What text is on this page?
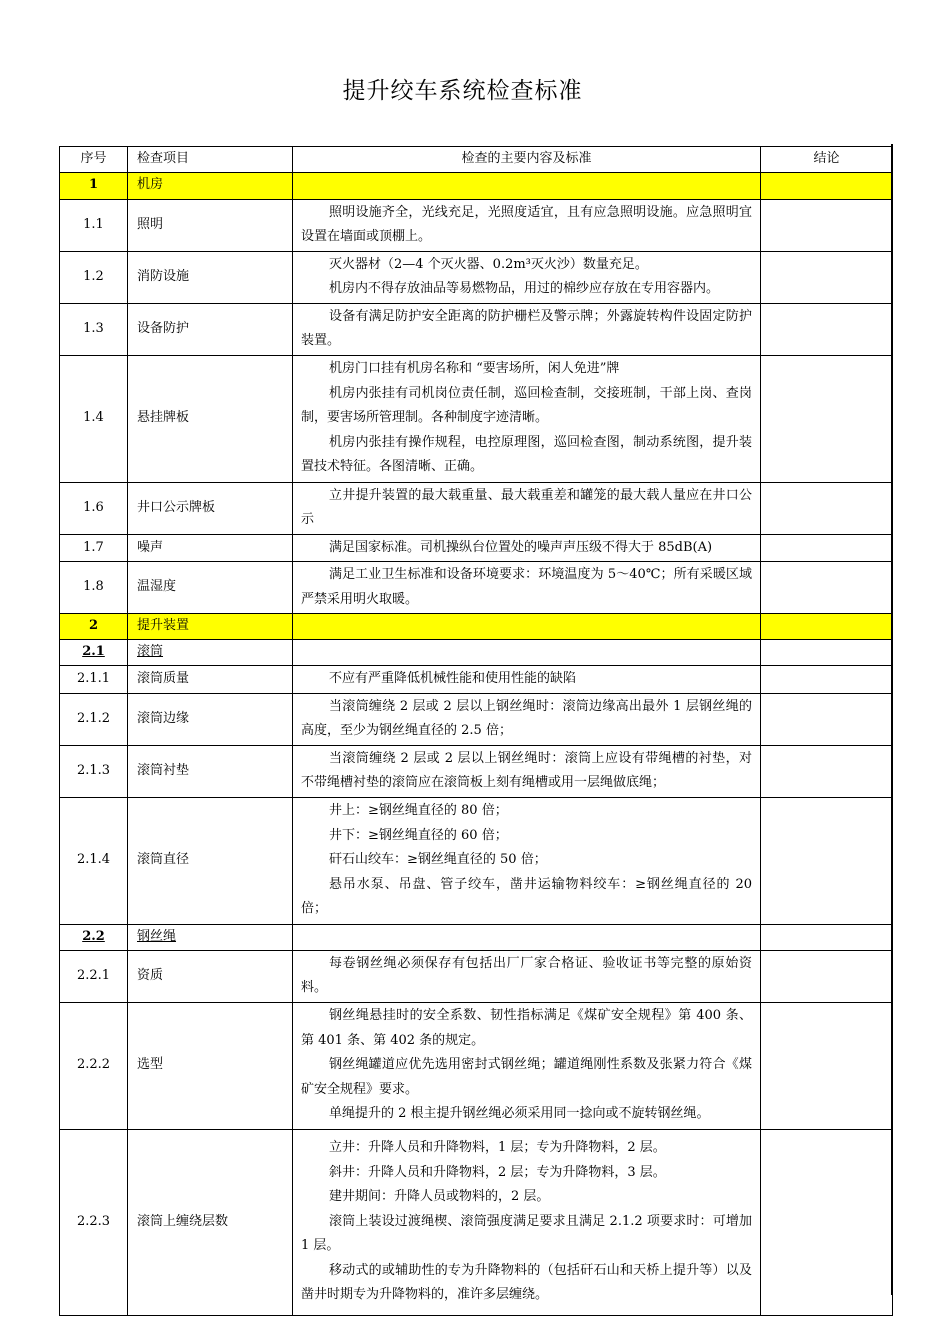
提升绞车系统检查标准
序号	检查项目	检查的主要内容及标准	结论
1	机房		
1.1	照明	照明设施齐全，光线充足，光照度适宜，且有应急照明设施。应急照明宜设置在墙面或顶棚上。	

1.2	消防设施	灭火器材（2—4 个灭火器、0.2m³灭火沙）数量充足。

机房内不得存放油品等易燃物品，用过的棉纱应存放在专用容器内。	

1.3	设备防护	设备有满足防护安全距离的防护栅栏及警示牌；外露旋转构件设固定防护装置。	

1.4	悬挂牌板	机房门口挂有机房名称和 “要害场所，闲人免进”牌

机房内张挂有司机岗位责任制，巡回检查制，交接班制，干部上岗、查岗制，要害场所管理制。各种制度字迹清晰。

机房内张挂有操作规程，电控原理图，巡回检查图，制动系统图，提升装置技术特征。各图清晰、正确。	

1.6	井口公示牌板	立井提升装置的最大载重量、最大载重差和罐笼的最大载人量应在井口公示	

1.7	噪声	满足国家标准。司机操纵台位置处的噪声声压级不得大于 85dB(A)	

1.8	温湿度	满足工业卫生标准和设备环境要求：环境温度为 5～40℃；所有采暖区域严禁采用明火取暖。	

2	提升装置		
2.1	滚筒		
2.1.1	滚筒质量	不应有严重降低机械性能和使用性能的缺陷	

2.1.2	滚筒边缘	当滚筒缠绕 2 层或 2 层以上钢丝绳时：滚筒边缘高出最外 1 层钢丝绳的高度，至少为钢丝绳直径的 2.5 倍；	

2.1.3	滚筒衬垫	当滚筒缠绕 2 层或 2 层以上钢丝绳时：滚筒上应设有带绳槽的衬垫，对不带绳槽衬垫的滚筒应在滚筒板上刻有绳槽或用一层绳做底绳；	

2.1.4	滚筒直径	井上：≥钢丝绳直径的 80 倍；

井下：≥钢丝绳直径的 60 倍；

矸石山绞车：≥钢丝绳直径的 50 倍；

悬吊水泵、吊盘、管子绞车，凿井运输物料绞车：≥钢丝绳直径的 20 倍；	

2.2	钢丝绳		
2.2.1	资质	每卷钢丝绳必须保存有包括出厂厂家合格证、验收证书等完整的原始资料。	

2.2.2	选型	钢丝绳悬挂时的安全系数、韧性指标满足《煤矿安全规程》第 400 条、第 401 条、第 402 条的规定。

钢丝绳罐道应优先选用密封式钢丝绳；罐道绳刚性系数及张紧力符合《煤矿安全规程》要求。

单绳提升的 2 根主提升钢丝绳必须采用同一捻向或不旋转钢丝绳。	

2.2.3	滚筒上缠绕层数	立井：升降人员和升降物料，1 层；专为升降物料，2 层。

斜井：升降人员和升降物料，2 层；专为升降物料，3 层。

建井期间：升降人员或物料的，2 层。

滚筒上装设过渡绳楔、滚筒强度满足要求且满足 2.1.2 项要求时：可增加 1 层。

移动式的或辅助性的专为升降物料的（包括矸石山和天桥上提升等）以及凿井时期专为升降物料的，准许多层缠绕。	
